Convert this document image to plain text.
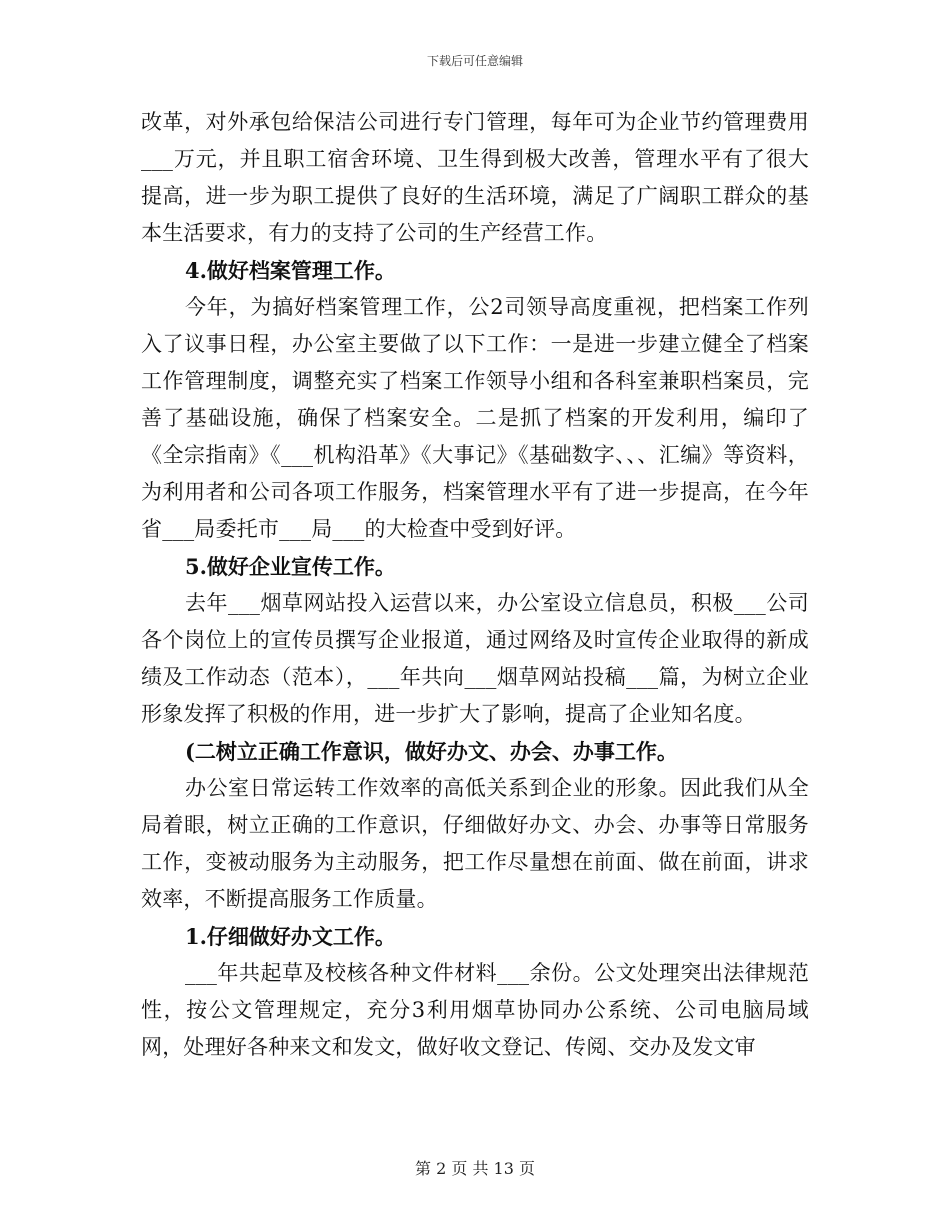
下载后可任意编辑

改革，对外承包给保洁公司进行专门管理，每年可为企业节约管理费用___万元，并且职工宿舍环境、卫生得到极大改善，管理水平有了很大提高，进一步为职工提供了良好的生活环境，满足了广阔职工群众的基本生活要求，有力的支持了公司的生产经营工作。

4.做好档案管理工作。

今年，为搞好档案管理工作，公2司领导高度重视，把档案工作列入了议事日程，办公室主要做了以下工作：一是进一步建立健全了档案工作管理制度，调整充实了档案工作领导小组和各科室兼职档案员，完善了基础设施，确保了档案安全。二是抓了档案的开发利用，编印了《全宗指南》《___机构沿革》《大事记》《基础数字、、、汇编》等资料，为利用者和公司各项工作服务，档案管理水平有了进一步提高，在今年省___局委托市___局___的大检查中受到好评。

5.做好企业宣传工作。

去年___烟草网站投入运营以来，办公室设立信息员，积极___公司各个岗位上的宣传员撰写企业报道，通过网络及时宣传企业取得的新成绩及工作动态（范本），___年共向___烟草网站投稿___篇，为树立企业形象发挥了积极的作用，进一步扩大了影响，提高了企业知名度。

(二树立正确工作意识，做好办文、办会、办事工作。

办公室日常运转工作效率的高低关系到企业的形象。因此我们从全局着眼，树立正确的工作意识，仔细做好办文、办会、办事等日常服务工作，变被动服务为主动服务，把工作尽量想在前面、做在前面，讲求效率，不断提高服务工作质量。

1.仔细做好办文工作。

___年共起草及校核各种文件材料___余份。公文处理突出法律规范性，按公文管理规定，充分3利用烟草协同办公系统、公司电脑局域网，处理好各种来文和发文，做好收文登记、传阅、交办及发文审

第 2 页 共 13 页
